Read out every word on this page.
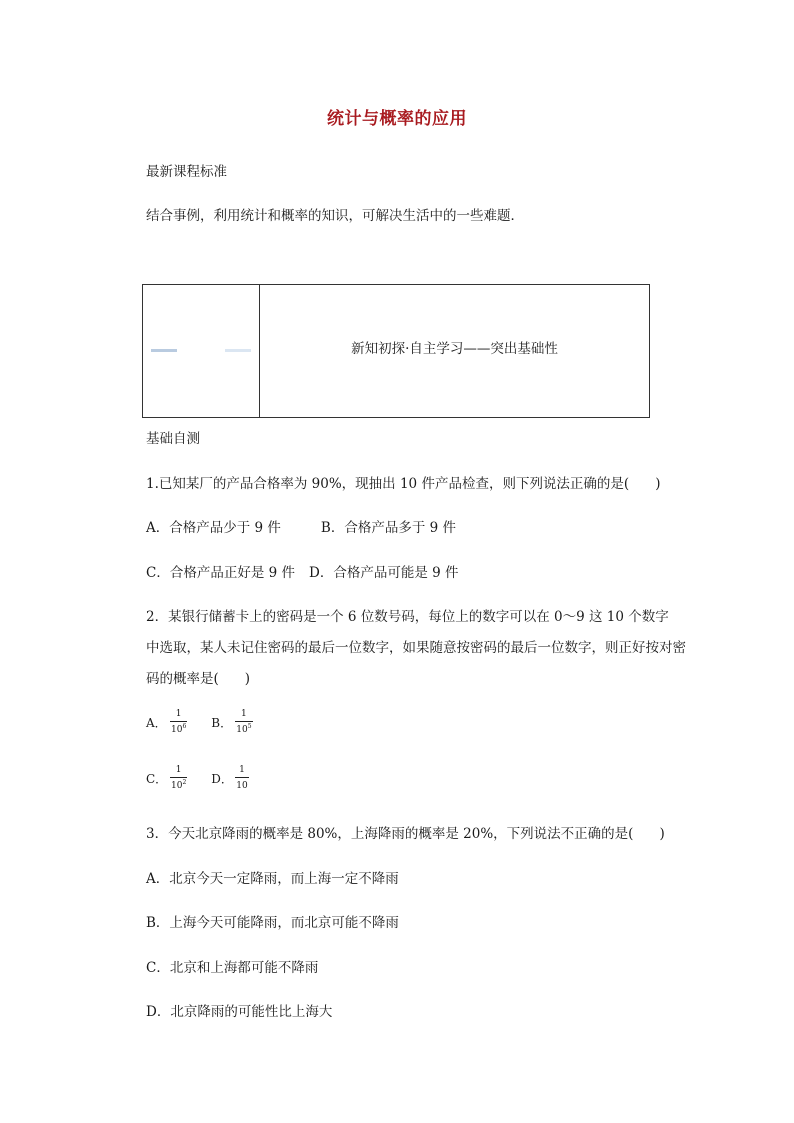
统计与概率的应用
最新课程标准
结合事例，利用统计和概率的知识，可解决生活中的一些难题．
新知初探·自主学习——突出基础性
基础自测
1.已知某厂的产品合格率为 90%，现抽出 10 件产品检查，则下列说法正确的是( )
A．合格产品少于 9 件	B．合格产品多于 9 件
C．合格产品正好是 9 件 D．合格产品可能是 9 件
2．某银行储蓄卡上的密码是一个 6 位数号码，每位上的数字可以在 0～9 这 10 个数字
中选取，某人未记住密码的最后一位数字，如果随意按密码的最后一位数字，则正好按对密
码的概率是( )
A． $\frac{1}{10^6}$ B． $\frac{1}{10^5}$
C． $\frac{1}{10^2}$ D． $\frac{1}{10}$
3．今天北京降雨的概率是 80%，上海降雨的概率是 20%，下列说法不正确的是( )
A．北京今天一定降雨，而上海一定不降雨
B．上海今天可能降雨，而北京可能不降雨
C．北京和上海都可能不降雨
D．北京降雨的可能性比上海大
